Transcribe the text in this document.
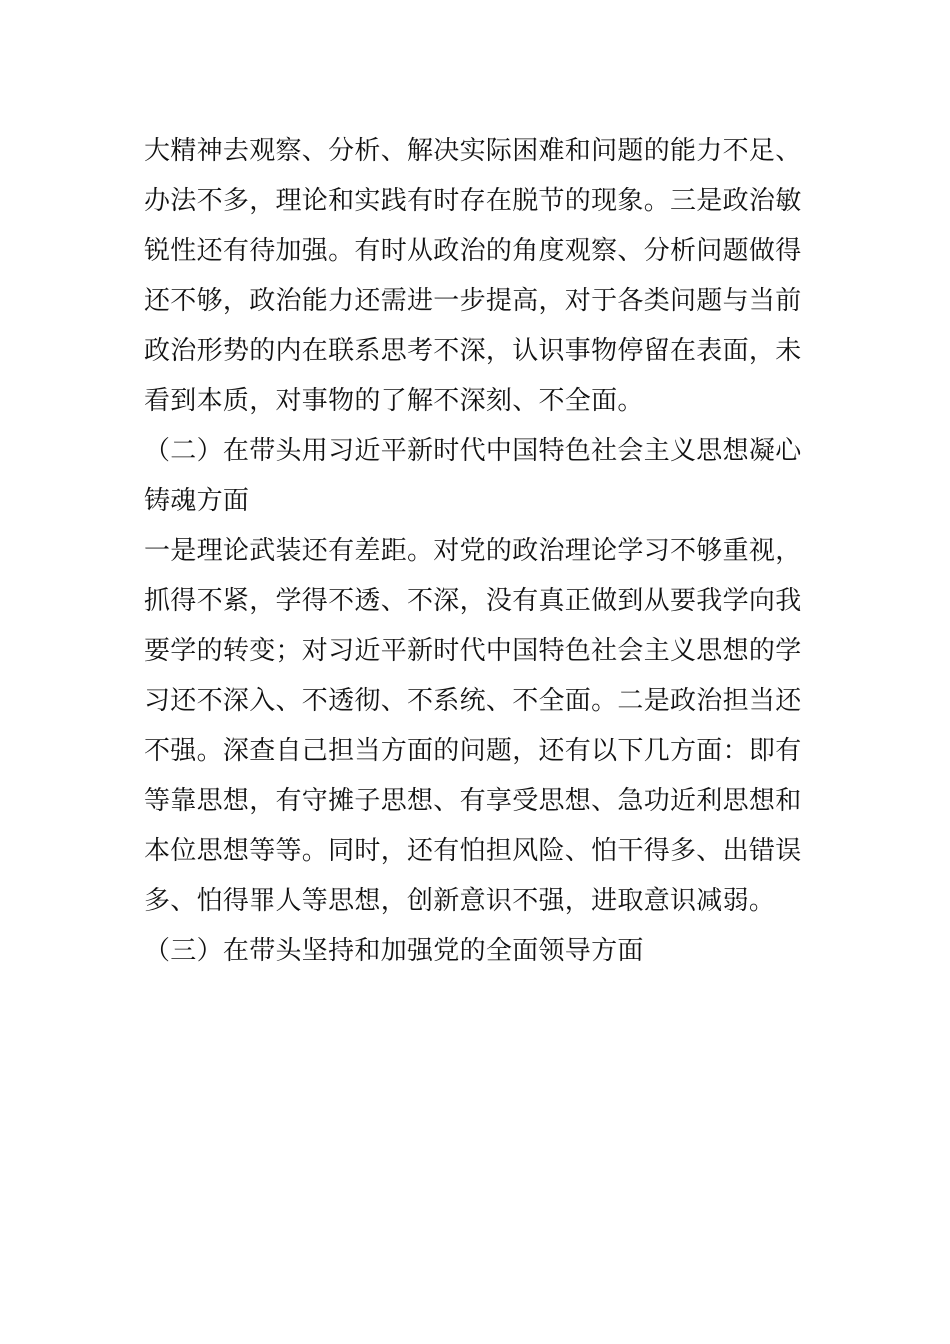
大精神去观察、分析、解决实际困难和问题的能力不足、
办法不多，理论和实践有时存在脱节的现象。三是政治敏
锐性还有待加强。有时从政治的角度观察、分析问题做得
还不够，政治能力还需进一步提高，对于各类问题与当前
政治形势的内在联系思考不深，认识事物停留在表面，未
看到本质，对事物的了解不深刻、不全面。
（二）在带头用习近平新时代中国特色社会主义思想凝心
铸魂方面
一是理论武装还有差距。对党的政治理论学习不够重视，
抓得不紧，学得不透、不深，没有真正做到从要我学向我
要学的转变；对习近平新时代中国特色社会主义思想的学
习还不深入、不透彻、不系统、不全面。二是政治担当还
不强。深查自己担当方面的问题，还有以下几方面：即有
等靠思想，有守摊子思想、有享受思想、急功近利思想和
本位思想等等。同时，还有怕担风险、怕干得多、出错误
多、怕得罪人等思想，创新意识不强，进取意识减弱。
（三）在带头坚持和加强党的全面领导方面
